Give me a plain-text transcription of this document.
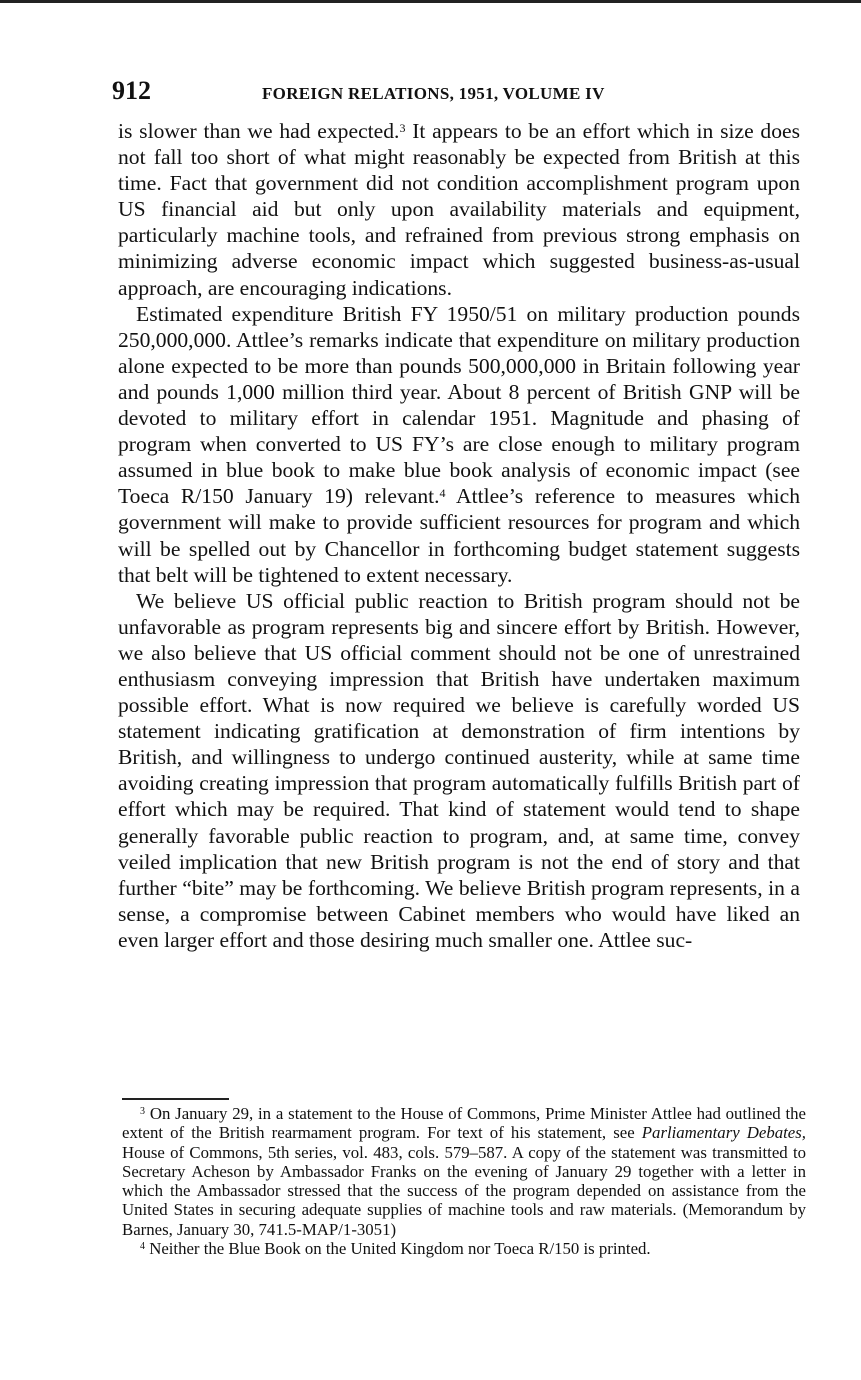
912	FOREIGN RELATIONS, 1951, VOLUME IV

is slower than we had expected.$^3$ It appears to be an effort which in size does not fall too short of what might reasonably be expected from British at this time. Fact that government did not condition accomplishment program upon US financial aid but only upon availability materials and equipment, particularly machine tools, and refrained from previous strong emphasis on minimizing adverse economic impact which suggested business-as-usual approach, are encouraging indications.

Estimated expenditure British FY 1950/51 on military production pounds 250,000,000. Attlee’s remarks indicate that expenditure on military production alone expected to be more than pounds 500,000,000 in Britain following year and pounds 1,000 million third year. About 8 percent of British GNP will be devoted to military effort in calendar 1951. Magnitude and phasing of program when converted to US FY’s are close enough to military program assumed in blue book to make blue book analysis of economic impact (see Toeca R/150 January 19) relevant.$^4$ Attlee’s reference to measures which government will make to provide sufficient resources for program and which will be spelled out by Chancellor in forthcoming budget statement suggests that belt will be tightened to extent necessary.

We believe US official public reaction to British program should not be unfavorable as program represents big and sincere effort by British. However, we also believe that US official comment should not be one of unrestrained enthusiasm conveying impression that British have undertaken maximum possible effort. What is now required we believe is carefully worded US statement indicating gratification at demonstration of firm intentions by British, and willingness to undergo continued austerity, while at same time avoiding creating impression that program automatically fulfills British part of effort which may be required. That kind of statement would tend to shape generally favorable public reaction to program, and, at same time, convey veiled implication that new British program is not the end of story and that further “bite” may be forthcoming. We believe British program represents, in a sense, a compromise between Cabinet members who would have liked an even larger effort and those desiring much smaller one. Attlee suc-

$^3$ On January 29, in a statement to the House of Commons, Prime Minister Attlee had outlined the extent of the British rearmament program. For text of his statement, see Parliamentary Debates, House of Commons, 5th series, vol. 483, cols. 579–587. A copy of the statement was transmitted to Secretary Acheson by Ambassador Franks on the evening of January 29 together with a letter in which the Ambassador stressed that the success of the program depended on assistance from the United States in securing adequate supplies of machine tools and raw materials. (Memorandum by Barnes, January 30, 741.5-MAP/1-3051)

$^4$ Neither the Blue Book on the United Kingdom nor Toeca R/150 is printed.
